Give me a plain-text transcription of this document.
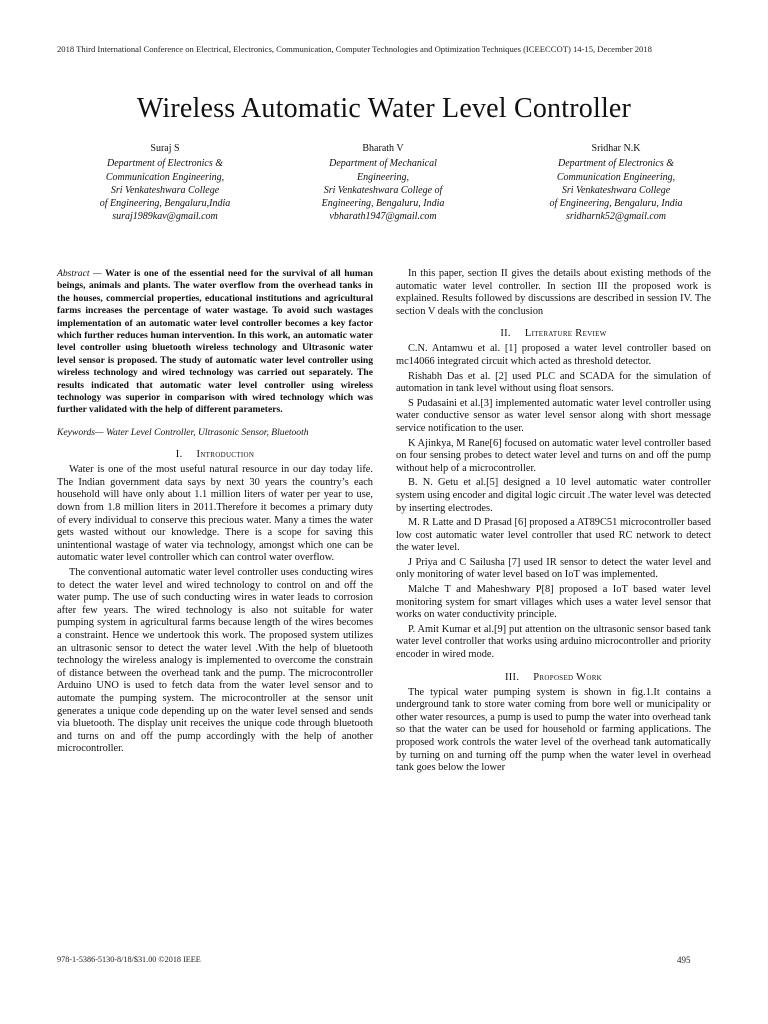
2018 Third International Conference on Electrical, Electronics, Communication, Computer Technologies and Optimization Techniques (ICEECCOT) 14-15, December 2018
Wireless Automatic Water Level Controller
Suraj S
Department of Electronics &
Communication Engineering,
Sri Venkateshwara College
of Engineering, Bengaluru,India
suraj1989kav@gmail.com
Bharath V
Department of Mechanical
Engineering,
Sri Venkateshwara College of
Engineering, Bengaluru, India
vbharath1947@gmail.com
Sridhar N.K
Department of Electronics &
Communication Engineering,
Sri Venkateshwara College
of Engineering, Bengaluru, India
sridharnk52@gmail.com

Abstract — Water is one of the essential need for the survival of all human beings, animals and plants. The water overflow from the overhead tanks in the houses, commercial properties, educational institutions and agricultural farms increases the percentage of water wastage. To avoid such wastages implementation of an automatic water level controller becomes a key factor which further reduces human intervention. In this work, an automatic water level controller using bluetooth wireless technology and Ultrasonic water level sensor is proposed. The study of automatic water level controller using wireless technology and wired technology was carried out separately. The results indicated that automatic water level controller using wireless technology was superior in comparison with wired technology which was further validated with the help of different parameters.

Keywords— Water Level Controller, Ultrasonic Sensor, Bluetooth

I. Introduction

Water is one of the most useful natural resource in our day today life. The Indian government data says by next 30 years the country’s each household will have only about 1.1 million liters of water per year to use, down from 1.8 million liters in 2011.Therefore it becomes a primary duty of every individual to conserve this precious water. Many a times the water gets wasted without our knowledge. There is a scope for saving this unintentional wastage of water via technology, amongst which one can be automatic water level controller which can control water overflow.

The conventional automatic water level controller uses conducting wires to detect the water level and wired technology to control on and off the water pump. The use of such conducting wires in water leads to corrosion after few years. The wired technology is also not suitable for water pumping system in agricultural farms because length of the wires becomes a constraint. Hence we undertook this work. The proposed system utilizes an ultrasonic sensor to detect the water level .With the help of bluetooth technology the wireless analogy is implemented to overcome the constrain of distance between the overhead tank and the pump. The microcontroller Arduino UNO is used to fetch data from the water level sensor and to automate the pumping system. The microcontroller at the sensor unit generates a unique code depending up on the water level sensed and sends via bluetooth. The display unit receives the unique code through bluetooth and turns on and off the pump accordingly with the help of another microcontroller.

In this paper, section II gives the details about existing methods of the automatic water level controller. In section III the proposed work is explained. Results followed by discussions are described in session IV. The section V deals with the conclusion

II. Literature Review

C.N. Antamwu et al. [1] proposed a water level controller based on mc14066 integrated circuit which acted as threshold detector.

Rishabh Das et al. [2] used PLC and SCADA for the simulation of automation in tank level without using float sensors.

S Pudasaini et al.[3] implemented automatic water level controller using water conductive sensor as water level sensor along with short message service notification to the user.

K Ajinkya, M Rane[6] focused on automatic water level controller based on four sensing probes to detect water level and turns on and off the pump without help of a microcontroller.

B. N. Getu et al.[5] designed a 10 level automatic water controller system using encoder and digital logic circuit .The water level was detected by inserting electrodes.

M. R Latte and D Prasad [6] proposed a AT89C51 microcontroller based low cost automatic water level controller that used RC network to detect the water level.

J Priya and C Sailusha [7] used IR sensor to detect the water level and only monitoring of water level based on IoT was implemented.

Malche T and Maheshwary P[8] proposed a IoT based water level monitoring system for smart villages which uses a water level sensor that works on water conductivity principle.

P. Amit Kumar et al.[9] put attention on the ultrasonic sensor based tank water level controller that works using arduino microcontroller and priority encoder in wired mode.

III. Proposed Work

The typical water pumping system is shown in fig.1.It contains a underground tank to store water coming from bore well or municipality or other water resources, a pump is used to pump the water into overhead tank so that the water can be used for household or farming applications. The proposed work controls the water level of the overhead tank automatically by turning on and turning off the pump when the water level in overhead tank goes below the lower

978-1-5386-5130-8/18/$31.00 ©2018 IEEE	495
